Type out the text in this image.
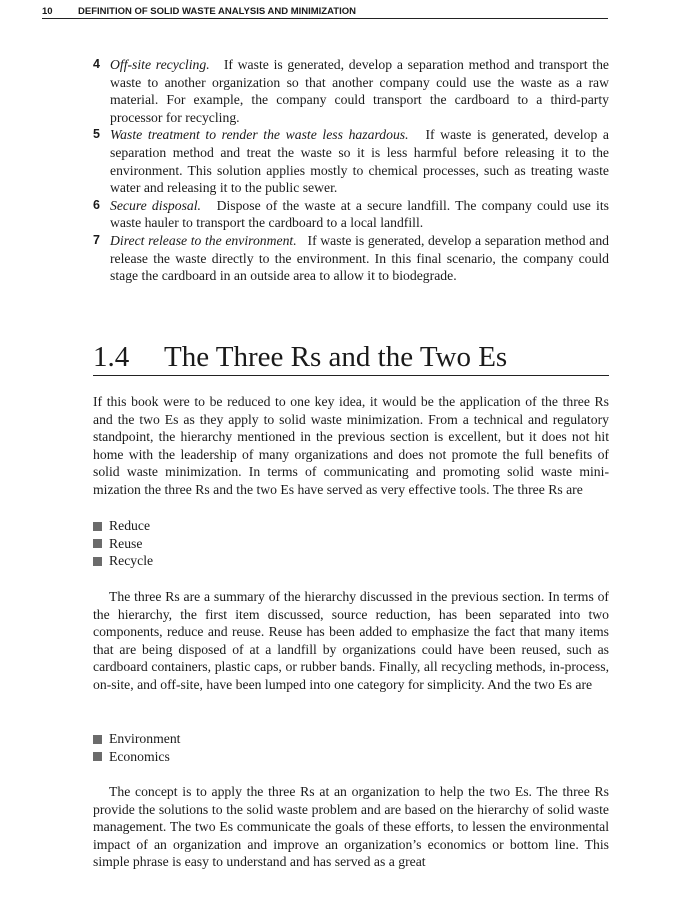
10	DEFINITION OF SOLID WASTE ANALYSIS AND MINIMIZATION
4 Off-site recycling. If waste is generated, develop a separation method and transport the waste to another organization so that another company could use the waste as a raw material. For example, the company could transport the cardboard to a third-party processor for recycling.
5 Waste treatment to render the waste less hazardous. If waste is generated, develop a separation method and treat the waste so it is less harmful before releasing it to the environment. This solution applies mostly to chemical processes, such as treating waste water and releasing it to the public sewer.
6 Secure disposal. Dispose of the waste at a secure landfill. The company could use its waste hauler to transport the cardboard to a local landfill.
7 Direct release to the environment. If waste is generated, develop a separation method and release the waste directly to the environment. In this final scenario, the company could stage the cardboard in an outside area to allow it to biodegrade.
1.4 The Three Rs and the Two Es

If this book were to be reduced to one key idea, it would be the application of the three Rs and the two Es as they apply to solid waste minimization. From a technical and regulatory standpoint, the hierarchy mentioned in the previous section is excellent, but it does not hit home with the leadership of many organizations and does not promote the full benefits of solid waste minimization. In terms of communicating and promoting solid waste minimization the three Rs and the two Es have served as very effective tools. The three Rs are

Reduce
Reuse
Recycle

The three Rs are a summary of the hierarchy discussed in the previous section. In terms of the hierarchy, the first item discussed, source reduction, has been separated into two components, reduce and reuse. Reuse has been added to emphasize the fact that many items that are being disposed of at a landfill by organizations could have been reused, such as cardboard containers, plastic caps, or rubber bands. Finally, all recycling methods, in-process, on-site, and off-site, have been lumped into one category for simplicity. And the two Es are

Environment
Economics

The concept is to apply the three Rs at an organization to help the two Es. The three Rs provide the solutions to the solid waste problem and are based on the hierarchy of solid waste management. The two Es communicate the goals of these efforts, to lessen the environmental impact of an organization and improve an organization’s economics or bottom line. This simple phrase is easy to understand and has served as a great
